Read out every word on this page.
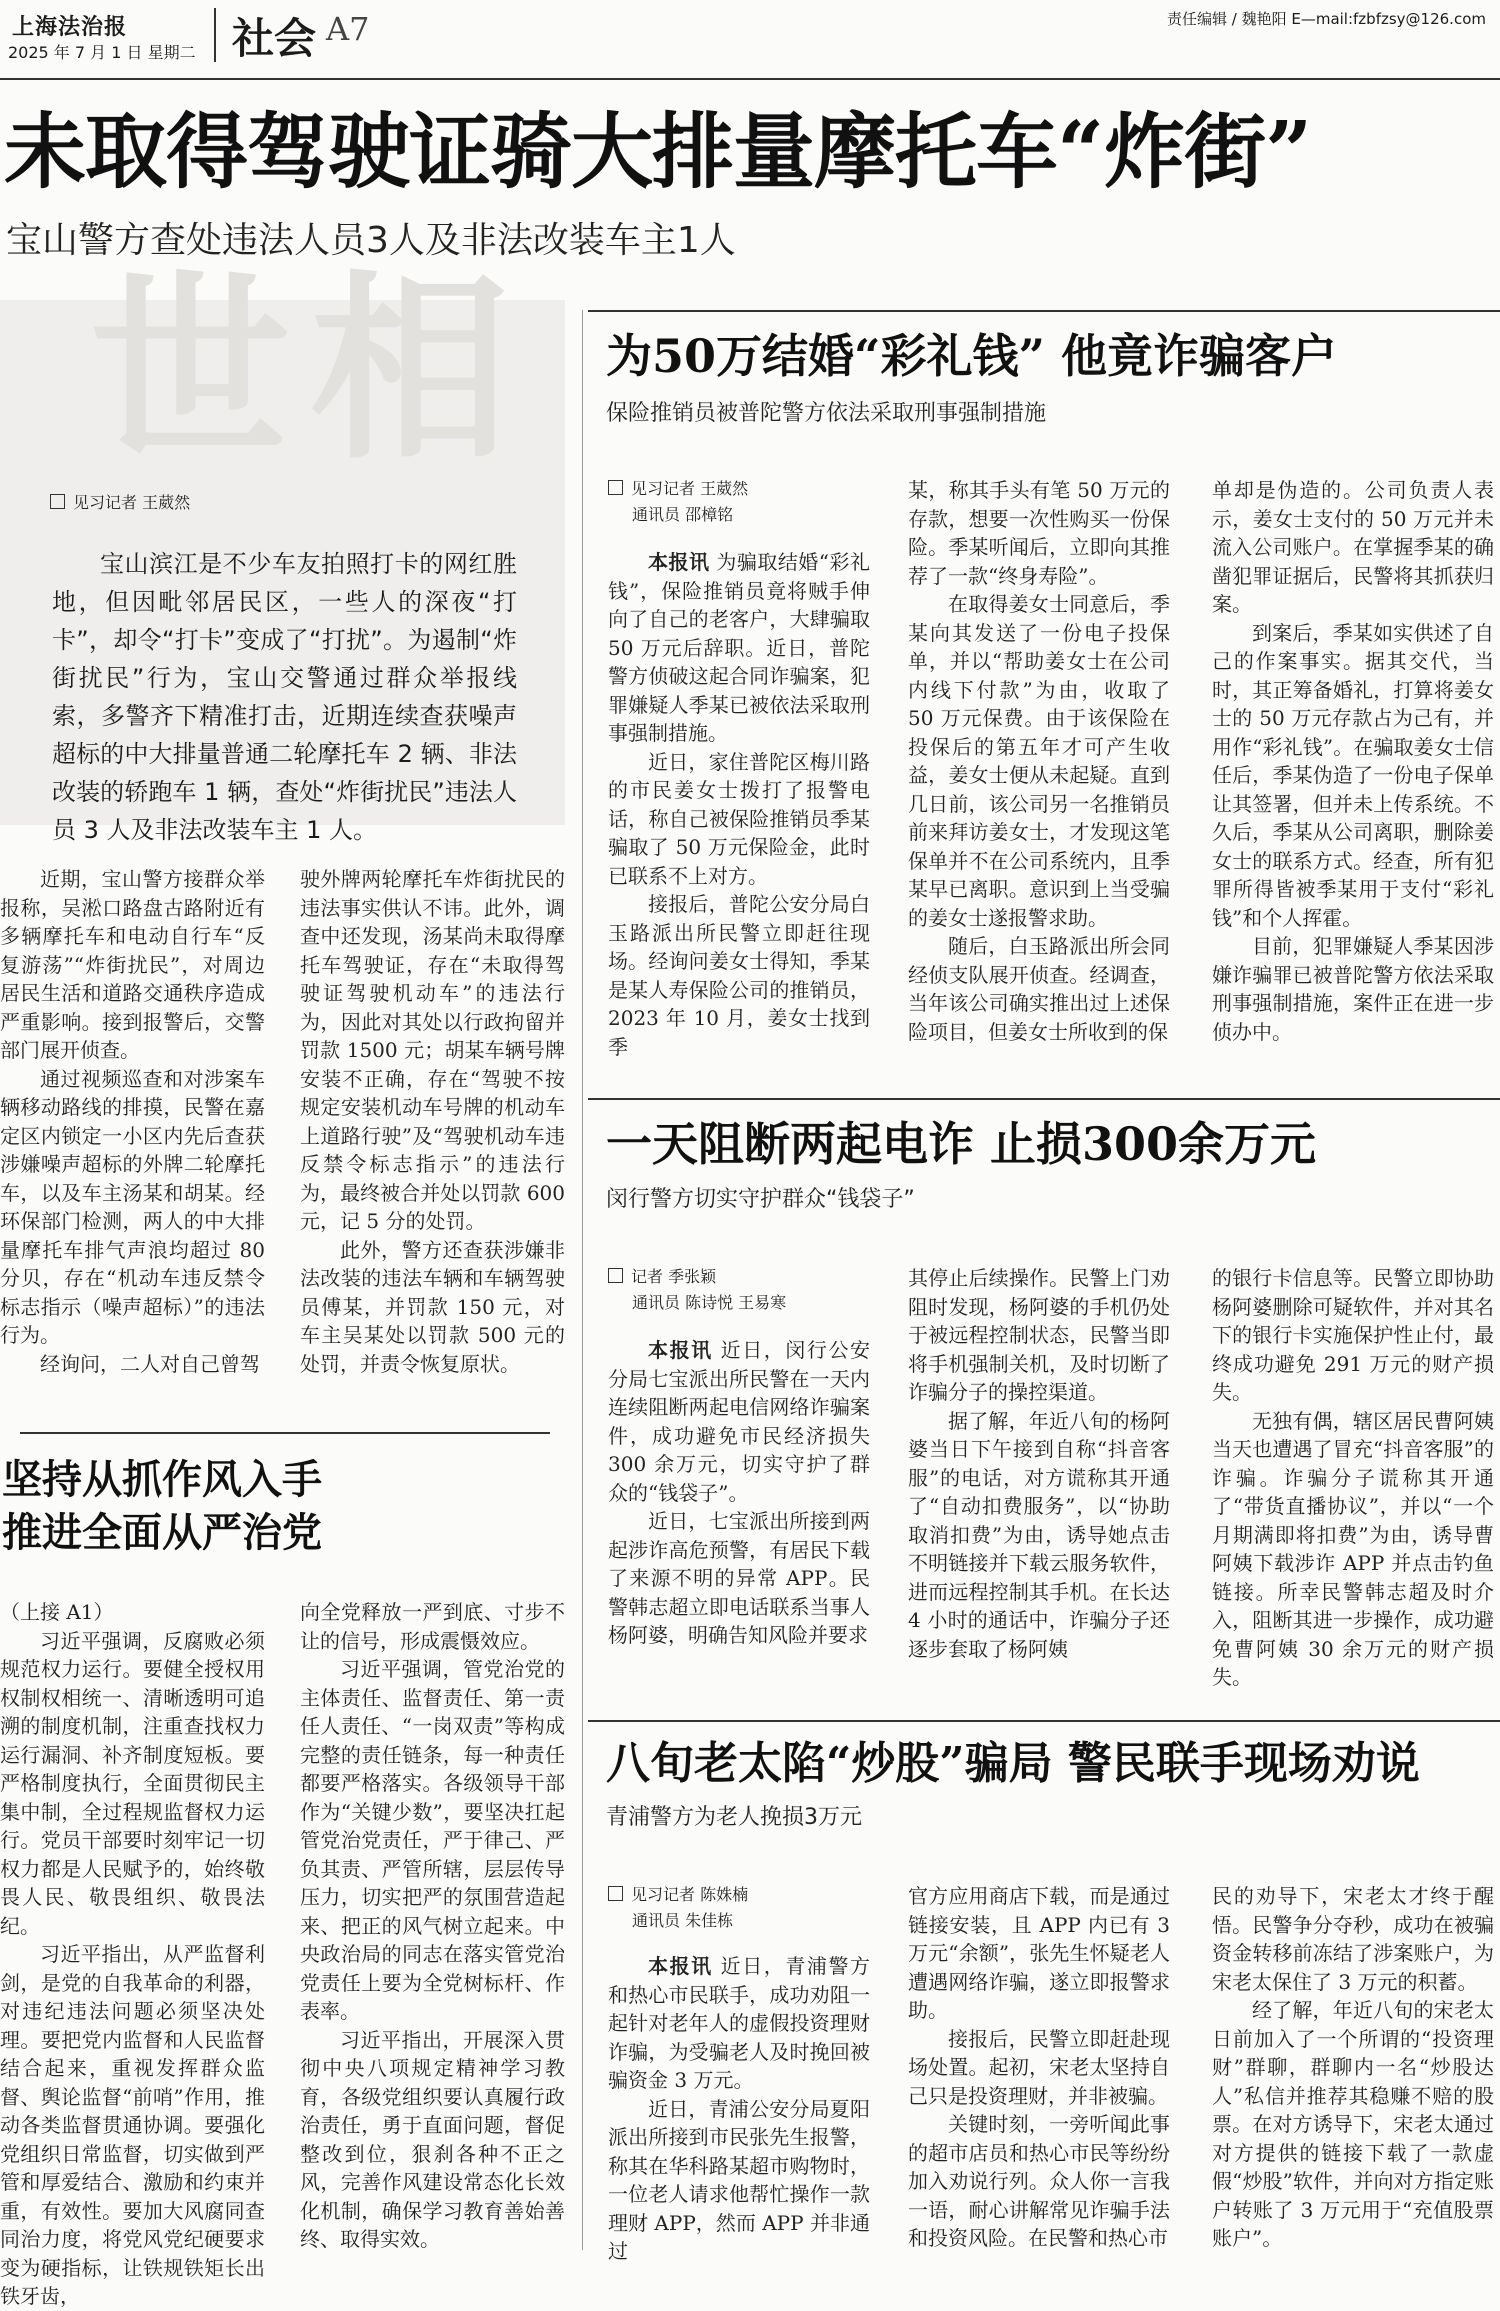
上海法治报
2025 年 7 月 1 日 星期二 社会 A7	责任编辑 / 魏艳阳 E—mail:fzbfzsy@126.com
未取得驾驶证骑大排量摩托车“炸街”
宝山警方查处违法人员3人及非法改装车主1人
世相
见习记者 王葳然
宝山滨江是不少车友拍照打卡的网红胜地，但因毗邻居民区，一些人的深夜“打卡”，却令“打卡”变成了“打扰”。为遏制“炸街扰民”行为，宝山交警通过群众举报线索，多警齐下精准打击，近期连续查获噪声超标的中大排量普通二轮摩托车 2 辆、非法改装的轿跑车 1 辆，查处“炸街扰民”违法人员 3 人及非法改装车主 1 人。

近期，宝山警方接群众举报称，吴淞口路盘古路附近有多辆摩托车和电动自行车“反复游荡”“炸街扰民”，对周边居民生活和道路交通秩序造成严重影响。接到报警后，交警部门展开侦查。

通过视频巡查和对涉案车辆移动路线的排摸，民警在嘉定区内锁定一小区内先后查获涉嫌噪声超标的外牌二轮摩托车，以及车主汤某和胡某。经环保部门检测，两人的中大排量摩托车排气声浪均超过 80 分贝，存在“机动车违反禁令标志指示（噪声超标）”的违法行为。

经询问，二人对自己曾驾

驶外牌两轮摩托车炸街扰民的违法事实供认不讳。此外，调查中还发现，汤某尚未取得摩托车驾驶证，存在“未取得驾驶证驾驶机动车”的违法行为，因此对其处以行政拘留并罚款 1500 元；胡某车辆号牌安装不正确，存在“驾驶不按规定安装机动车号牌的机动车上道路行驶”及“驾驶机动车违反禁令标志指示”的违法行为，最终被合并处以罚款 600 元，记 5 分的处罚。

此外，警方还查获涉嫌非法改装的违法车辆和车辆驾驶员傅某，并罚款 150 元，对车主吴某处以罚款 500 元的处罚，并责令恢复原状。

坚持从抓作风入手
推进全面从严治党

（上接 A1）

习近平强调，反腐败必须规范权力运行。要健全授权用权制权相统一、清晰透明可追溯的制度机制，注重查找权力运行漏洞、补齐制度短板。要严格制度执行，全面贯彻民主集中制，全过程规监督权力运行。党员干部要时刻牢记一切权力都是人民赋予的，始终敬畏人民、敬畏组织、敬畏法纪。

习近平指出，从严监督利剑，是党的自我革命的利器，对违纪违法问题必须坚决处理。要把党内监督和人民监督结合起来，重视发挥群众监督、舆论监督“前哨”作用，推动各类监督贯通协调。要强化党组织日常监督，切实做到严管和厚爱结合、激励和约束并重，有效性。要加大风腐同查同治力度，将党风党纪硬要求变为硬指标，让铁规铁矩长出铁牙齿，

向全党释放一严到底、寸步不让的信号，形成震慑效应。

习近平强调，管党治党的主体责任、监督责任、第一责任人责任、“一岗双责”等构成完整的责任链条，每一种责任都要严格落实。各级领导干部作为“关键少数”，要坚决扛起管党治党责任，严于律己、严负其责、严管所辖，层层传导压力，切实把严的氛围营造起来、把正的风气树立起来。中央政治局的同志在落实管党治党责任上要为全党树标杆、作表率。

习近平指出，开展深入贯彻中央八项规定精神学习教育，各级党组织要认真履行政治责任，勇于直面问题，督促整改到位，狠刹各种不正之风，完善作风建设常态化长效化机制，确保学习教育善始善终、取得实效。

为50万结婚“彩礼钱” 他竟诈骗客户
保险推销员被普陀警方依法采取刑事强制措施
见习记者 王葳然
通讯员 邵樟铭

本报讯 为骗取结婚“彩礼钱”，保险推销员竟将贼手伸向了自己的老客户，大肆骗取 50 万元后辞职。近日，普陀警方侦破这起合同诈骗案，犯罪嫌疑人季某已被依法采取刑事强制措施。

近日，家住普陀区梅川路的市民姜女士拨打了报警电话，称自己被保险推销员季某骗取了 50 万元保险金，此时已联系不上对方。

接报后，普陀公安分局白玉路派出所民警立即赶往现场。经询问姜女士得知，季某是某人寿保险公司的推销员，2023 年 10 月，姜女士找到季

某，称其手头有笔 50 万元的存款，想要一次性购买一份保险。季某听闻后，立即向其推荐了一款“终身寿险”。

在取得姜女士同意后，季某向其发送了一份电子投保单，并以“帮助姜女士在公司内线下付款”为由，收取了 50 万元保费。由于该保险在投保后的第五年才可产生收益，姜女士便从未起疑。直到几日前，该公司另一名推销员前来拜访姜女士，才发现这笔保单并不在公司系统内，且季某早已离职。意识到上当受骗的姜女士遂报警求助。

随后，白玉路派出所会同经侦支队展开侦查。经调查，当年该公司确实推出过上述保险项目，但姜女士所收到的保

单却是伪造的。公司负责人表示，姜女士支付的 50 万元并未流入公司账户。在掌握季某的确凿犯罪证据后，民警将其抓获归案。

到案后，季某如实供述了自己的作案事实。据其交代，当时，其正筹备婚礼，打算将姜女士的 50 万元存款占为己有，并用作“彩礼钱”。在骗取姜女士信任后，季某伪造了一份电子保单让其签署，但并未上传系统。不久后，季某从公司离职，删除姜女士的联系方式。经查，所有犯罪所得皆被季某用于支付“彩礼钱”和个人挥霍。

目前，犯罪嫌疑人季某因涉嫌诈骗罪已被普陀警方依法采取刑事强制措施，案件正在进一步侦办中。

一天阻断两起电诈 止损300余万元
闵行警方切实守护群众“钱袋子”
记者 季张颖
通讯员 陈诗悦 王易寒

本报讯 近日，闵行公安分局七宝派出所民警在一天内连续阻断两起电信网络诈骗案件，成功避免市民经济损失 300 余万元，切实守护了群众的“钱袋子”。

近日，七宝派出所接到两起涉诈高危预警，有居民下载了来源不明的异常 APP。民警韩志超立即电话联系当事人杨阿婆，明确告知风险并要求

其停止后续操作。民警上门劝阻时发现，杨阿婆的手机仍处于被远程控制状态，民警当即将手机强制关机，及时切断了诈骗分子的操控渠道。

据了解，年近八旬的杨阿婆当日下午接到自称“抖音客服”的电话，对方谎称其开通了“自动扣费服务”，以“协助取消扣费”为由，诱导她点击不明链接并下载云服务软件，进而远程控制其手机。在长达 4 小时的通话中，诈骗分子还逐步套取了杨阿姨

的银行卡信息等。民警立即协助杨阿婆删除可疑软件，并对其名下的银行卡实施保护性止付，最终成功避免 291 万元的财产损失。

无独有偶，辖区居民曹阿姨当天也遭遇了冒充“抖音客服”的诈骗。诈骗分子谎称其开通了“带货直播协议”，并以“一个月期满即将扣费”为由，诱导曹阿姨下载涉诈 APP 并点击钓鱼链接。所幸民警韩志超及时介入，阻断其进一步操作，成功避免曹阿姨 30 余万元的财产损失。

八旬老太陷“炒股”骗局 警民联手现场劝说
青浦警方为老人挽损3万元
见习记者 陈姝楠
通讯员 朱佳栋

本报讯 近日，青浦警方和热心市民联手，成功劝阻一起针对老年人的虚假投资理财诈骗，为受骗老人及时挽回被骗资金 3 万元。

近日，青浦公安分局夏阳派出所接到市民张先生报警，称其在华科路某超市购物时，一位老人请求他帮忙操作一款理财 APP，然而 APP 并非通过

官方应用商店下载，而是通过链接安装，且 APP 内已有 3 万元“余额”，张先生怀疑老人遭遇网络诈骗，遂立即报警求助。

接报后，民警立即赶赴现场处置。起初，宋老太坚持自己只是投资理财，并非被骗。

关键时刻，一旁听闻此事的超市店员和热心市民等纷纷加入劝说行列。众人你一言我一语，耐心讲解常见诈骗手法和投资风险。在民警和热心市

民的劝导下，宋老太才终于醒悟。民警争分夺秒，成功在被骗资金转移前冻结了涉案账户，为宋老太保住了 3 万元的积蓄。

经了解，年近八旬的宋老太日前加入了一个所谓的“投资理财”群聊，群聊内一名“炒股达人”私信并推荐其稳赚不赔的股票。在对方诱导下，宋老太通过对方提供的链接下载了一款虚假“炒股”软件，并向对方指定账户转账了 3 万元用于“充值股票账户”。
